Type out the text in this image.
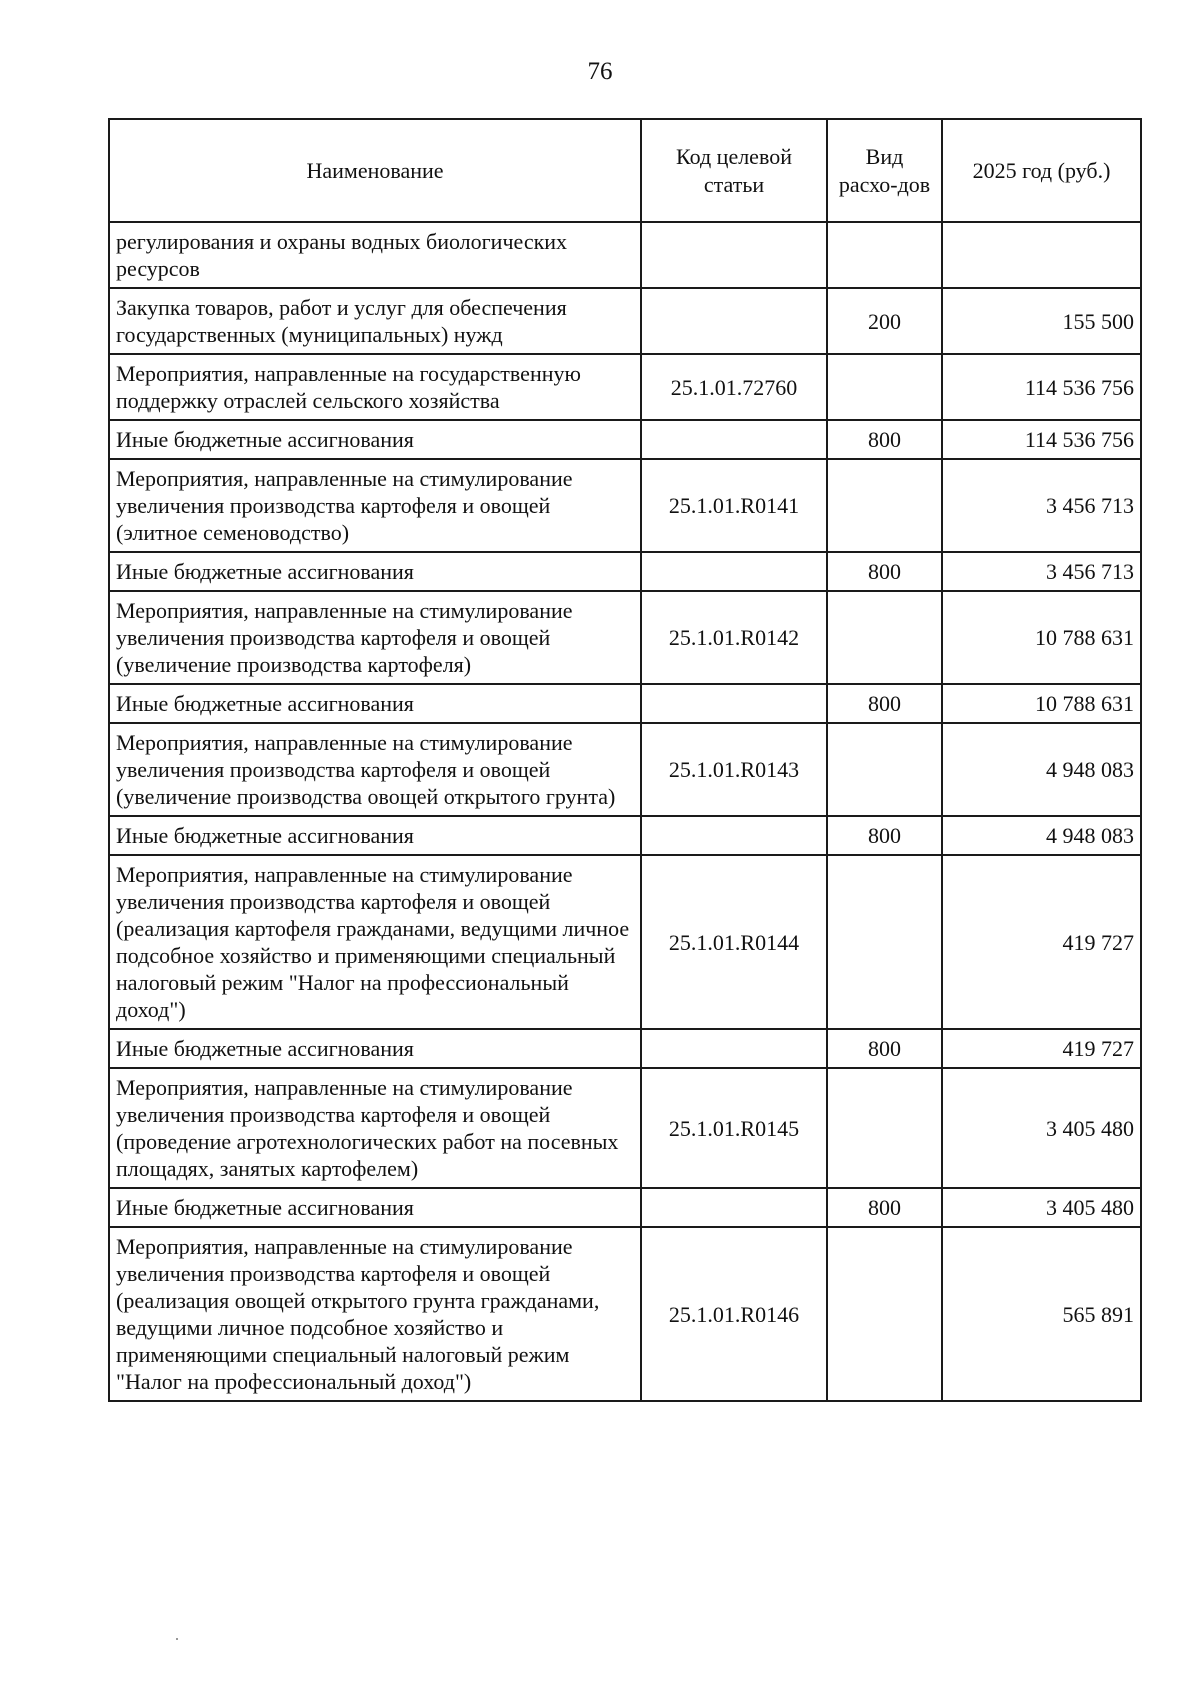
76
Наименование	Код целевой статьи	Вид расхо-дов	2025 год (руб.)
регулирования и охраны водных биологических ресурсов			
Закупка товаров, работ и услуг для обеспечения государственных (муниципальных) нужд		200	155 500
Мероприятия, направленные на государственную поддержку отраслей сельского хозяйства	25.1.01.72760		114 536 756
Иные бюджетные ассигнования		800	114 536 756
Мероприятия, направленные на стимулирование увеличения производства картофеля и овощей (элитное семеноводство)	25.1.01.R0141		3 456 713
Иные бюджетные ассигнования		800	3 456 713
Мероприятия, направленные на стимулирование увеличения производства картофеля и овощей (увеличение производства картофеля)	25.1.01.R0142		10 788 631
Иные бюджетные ассигнования		800	10 788 631
Мероприятия, направленные на стимулирование увеличения производства картофеля и овощей (увеличение производства овощей открытого грунта)	25.1.01.R0143		4 948 083
Иные бюджетные ассигнования		800	4 948 083
Мероприятия, направленные на стимулирование увеличения производства картофеля и овощей (реализация картофеля гражданами, ведущими личное подсобное хозяйство и применяющими специальный налоговый режим "Налог на профессиональный доход")	25.1.01.R0144		419 727
Иные бюджетные ассигнования		800	419 727
Мероприятия, направленные на стимулирование увеличения производства картофеля и овощей (проведение агротехнологических работ на посевных площадях, занятых картофелем)	25.1.01.R0145		3 405 480
Иные бюджетные ассигнования		800	3 405 480
Мероприятия, направленные на стимулирование увеличения производства картофеля и овощей (реализация овощей открытого грунта гражданами, ведущими личное подсобное хозяйство и применяющими специальный налоговый режим "Налог на профессиональный доход")	25.1.01.R0146		565 891
